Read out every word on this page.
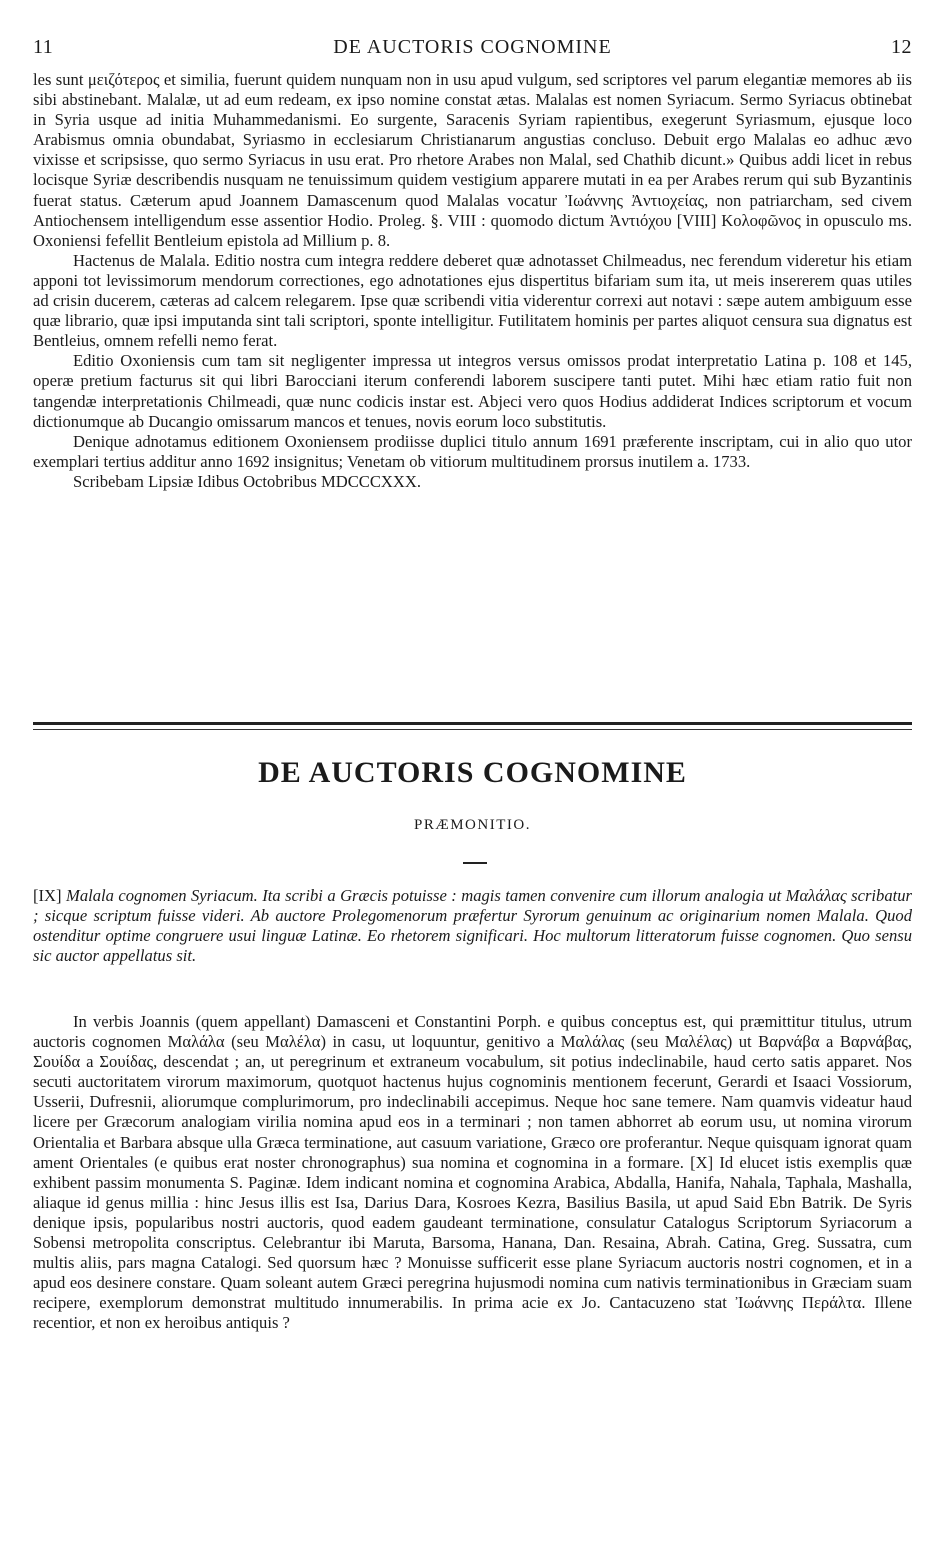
11	DE AUCTORIS COGNOMINE	12

les sunt μειζότερος et similia, fuerunt quidem nunquam non in usu apud vulgum, sed scriptores vel parum elegantiæ memores ab iis sibi abstinebant. Malalæ, ut ad eum redeam, ex ipso nomine constat ætas. Malalas est nomen Syriacum. Sermo Syriacus obtinebat in Syria usque ad initia Muhammedanismi. Eo surgente, Saracenis Syriam rapientibus, exegerunt Syriasmum, ejusque loco Arabismus omnia obundabat, Syriasmo in ecclesiarum Christianarum angustias concluso. Debuit ergo Malalas eo adhuc ævo vixisse et scripsisse, quo sermo Syriacus in usu erat. Pro rhetore Arabes non Malal, sed Chathib dicunt.» Quibus addi licet in rebus locisque Syriæ describendis nusquam ne tenuissimum quidem vestigium apparere mutati in ea per Arabes rerum qui sub Byzantinis fuerat status. Cæterum apud Joannem Damascenum quod Malalas vocatur Ἰωάννης Ἀντιοχείας, non patriarcham, sed civem Antiochensem intelligendum esse assentior Hodio. Proleg. §. VIII : quomodo dictum Ἀντιόχου [VIII] Κολοφῶνος in opusculo ms. Oxoniensi fefellit Bentleium epistola ad Millium p. 8.

Hactenus de Malala. Editio nostra cum integra reddere deberet quæ adnotasset Chilmeadus, nec ferendum videretur his etiam apponi tot levissimorum mendorum correctiones, ego adnotationes ejus dispertitus bifariam sum ita, ut meis insererem quas utiles ad crisin ducerem, cæteras ad calcem relegarem. Ipse quæ scribendi vitia viderentur correxi aut notavi : sæpe autem ambiguum esse quæ librario, quæ ipsi imputanda sint tali scriptori, sponte intelligitur. Futilitatem hominis per partes aliquot censura sua dignatus est Bentleius, omnem refelli nemo ferat.

Editio Oxoniensis cum tam sit negligenter impressa ut integros versus omissos prodat interpretatio Latina p. 108 et 145, operæ pretium facturus sit qui libri Barocciani iterum conferendi laborem suscipere tanti putet. Mihi hæc etiam ratio fuit non tangendæ interpretationis Chilmeadi, quæ nunc codicis instar est. Abjeci vero quos Hodius addiderat Indices scriptorum et vocum dictionumque ab Ducangio omissarum mancos et tenues, novis eorum loco substitutis.

Denique adnotamus editionem Oxoniensem prodiisse duplici titulo annum 1691 præferente inscriptam, cui in alio quo utor exemplari tertius additur anno 1692 insignitus; Venetam ob vitiorum multitudinem prorsus inutilem a. 1733.

Scribebam Lipsiæ Idibus Octobribus MDCCCXXX.

DE AUCTORIS COGNOMINE
PRÆMONITIO.

[IX] Malala cognomen Syriacum. Ita scribi a Græcis potuisse : magis tamen convenire cum illorum analogia ut Μαλάλας scribatur ; sicque scriptum fuisse videri. Ab auctore Prolegomenorum præfertur Syrorum genuinum ac originarium nomen Malala. Quod ostenditur optime congruere usui linguæ Latinæ. Eo rhetorem significari. Hoc multorum litteratorum fuisse cognomen. Quo sensu sic auctor appellatus sit.

In verbis Joannis (quem appellant) Damasceni et Constantini Porph. e quibus conceptus est, qui præmittitur titulus, utrum auctoris cognomen Μαλάλα (seu Μαλέλα) in casu, ut loquuntur, genitivo a Μαλάλας (seu Μαλέλας) ut Βαρνάβα a Βαρνάβας, Σουίδα a Σουίδας, descendat ; an, ut peregrinum et extraneum vocabulum, sit potius indeclinabile, haud certo satis apparet. Nos secuti auctoritatem virorum maximorum, quotquot hactenus hujus cognominis mentionem fecerunt, Gerardi et Isaaci Vossiorum, Usserii, Dufresnii, aliorumque complurimorum, pro indeclinabili accepimus. Neque hoc sane temere. Nam quamvis videatur haud licere per Græcorum analogiam virilia nomina apud eos in a terminari ; non tamen abhorret ab eorum usu, ut nomina virorum Orientalia et Barbara absque ulla Græca terminatione, aut casuum variatione, Græco ore proferantur. Neque quisquam ignorat quam ament Orientales (e quibus erat noster chronographus) sua nomina et cognomina in a formare. [X] Id elucet istis exemplis quæ exhibent passim monumenta S. Paginæ. Idem indicant nomina et cognomina Arabica, Abdalla, Hanifa, Nahala, Taphala, Mashalla, aliaque id genus millia : hinc Jesus illis est Isa, Darius Dara, Kosroes Kezra, Basilius Basila, ut apud Said Ebn Batrik. De Syris denique ipsis, popularibus nostri auctoris, quod eadem gaudeant terminatione, consulatur Catalogus Scriptorum Syriacorum a Sobensi metropolita conscriptus. Celebrantur ibi Maruta, Barsoma, Hanana, Dan. Resaina, Abrah. Catina, Greg. Sussatra, cum multis aliis, pars magna Catalogi. Sed quorsum hæc ? Monuisse sufficerit esse plane Syriacum auctoris nostri cognomen, et in a apud eos desinere constare. Quam soleant autem Græci peregrina hujusmodi nomina cum nativis terminationibus in Græciam suam recipere, exemplorum demonstrat multitudo innumerabilis. In prima acie ex Jo. Cantacuzeno stat Ἰωάννης Περάλτα. Illene recentior, et non ex heroibus antiquis ?
